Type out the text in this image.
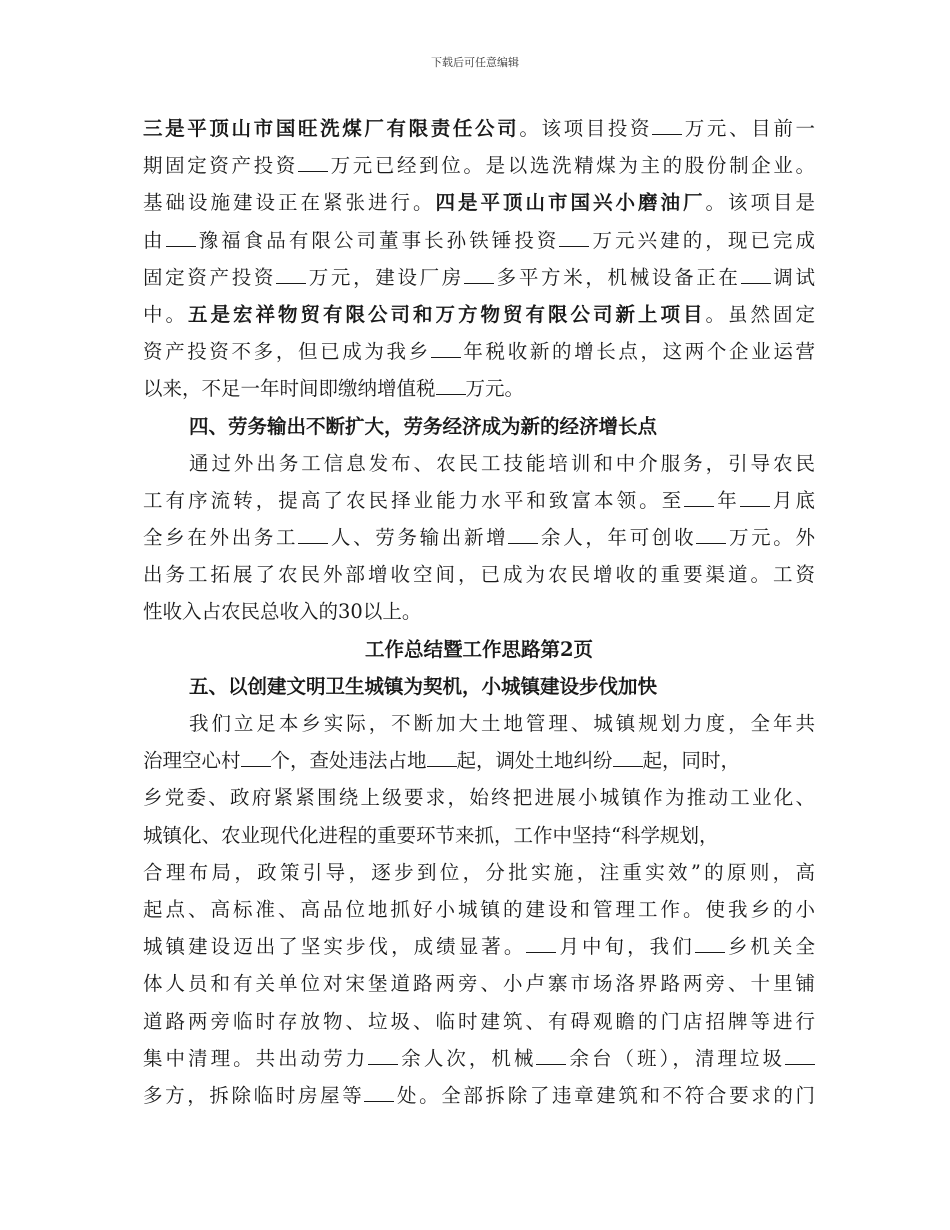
下载后可任意编辑
三是平顶山市国旺洗煤厂有限责任公司。该项目投资 万元、目前一
期固定资产投资 万元已经到位。是以选洗精煤为主的股份制企业。
基础设施建设正在紧张进行。四是平顶山市国兴小磨油厂。该项目是
由 豫福食品有限公司董事长孙铁锤投资 万元兴建的，现已完成
固定资产投资 万元，建设厂房 多平方米，机械设备正在 调试
中。五是宏祥物贸有限公司和万方物贸有限公司新上项目。虽然固定
资产投资不多，但已成为我乡 年税收新的增长点，这两个企业运营
以来，不足一年时间即缴纳增值税 万元。
四、劳务输出不断扩大，劳务经济成为新的经济增长点
通过外出务工信息发布、农民工技能培训和中介服务，引导农民
工有序流转，提高了农民择业能力水平和致富本领。至 年 月底
全乡在外出务工 人、劳务输出新增 余人，年可创收 万元。外
出务工拓展了农民外部增收空间，已成为农民增收的重要渠道。工资
性收入占农民总收入的30以上。
工作总结暨工作思路第2页
五、以创建文明卫生城镇为契机，小城镇建设步伐加快
我们立足本乡实际，不断加大土地管理、城镇规划力度，全年共
治理空心村 个，查处违法占地 起，调处土地纠纷 起，同时，
乡党委、政府紧紧围绕上级要求，始终把进展小城镇作为推动工业化、
城镇化、农业现代化进程的重要环节来抓，工作中坚持“科学规划，
合理布局，政策引导，逐步到位，分批实施，注重实效”的原则，高
起点、高标准、高品位地抓好小城镇的建设和管理工作。使我乡的小
城镇建设迈出了坚实步伐，成绩显著。 月中旬，我们 乡机关全
体人员和有关单位对宋堡道路两旁、小卢寨市场洛界路两旁、十里铺
道路两旁临时存放物、垃圾、临时建筑、有碍观瞻的门店招牌等进行
集中清理。共出动劳力 余人次，机械 余台（班），清理垃圾
多方，拆除临时房屋等 处。全部拆除了违章建筑和不符合要求的门
